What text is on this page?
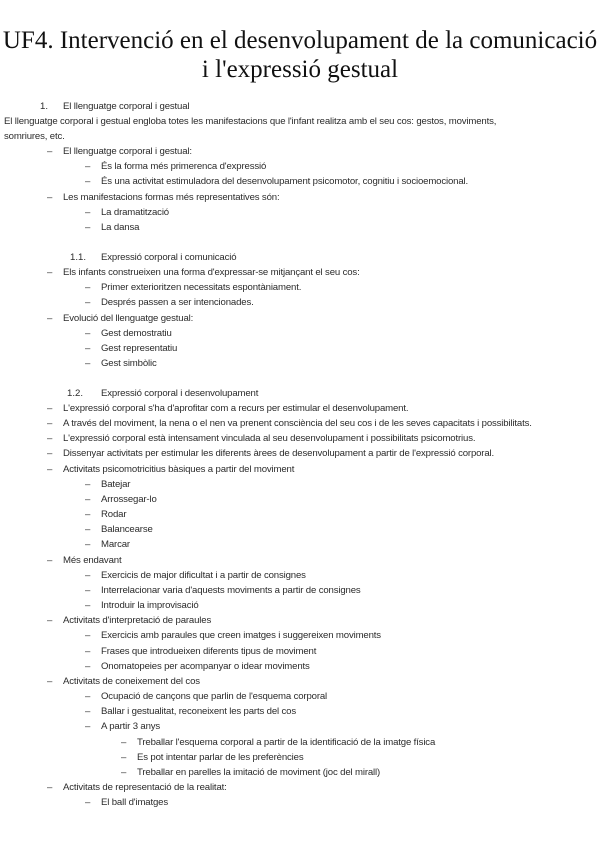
UF4. Intervenció en el desenvolupament de la comunicació i l'expressió gestual
1. El llenguatge corporal i gestual
El llenguatge corporal i gestual engloba totes les manifestacions que l'infant realitza amb el seu cos: gestos, moviments,
somriures, etc.
– El llenguatge corporal i gestual:
– És la forma més primerenca d'expressió
– És una activitat estimuladora del desenvolupament psicomotor, cognitiu i socioemocional.
– Les manifestacions formas més representatives són:
– La dramatització
– La dansa
1.1. Expressió corporal i comunicació
– Els infants construeixen una forma d'expressar-se mitjançant el seu cos:
– Primer exterioritzen necessitats espontàniament.
– Després passen a ser intencionades.
– Evolució del llenguatge gestual:
– Gest demostratiu
– Gest representatiu
– Gest simbòlic
1.2. Expressió corporal i desenvolupament
– L'expressió corporal s'ha d'aprofitar com a recurs per estimular el desenvolupament.
– A través del moviment, la nena o el nen va prenent consciència del seu cos i de les seves capacitats i possibilitats.
– L'expressió corporal està intensament vinculada al seu desenvolupament i possibilitats psicomotrius.
– Dissenyar activitats per estimular les diferents àrees de desenvolupament a partir de l'expressió corporal.
– Activitats psicomotricitius bàsiques a partir del moviment
– Batejar
– Arrossegar-lo
– Rodar
– Balancearse
– Marcar
– Més endavant
– Exercicis de major dificultat i a partir de consignes
– Interrelacionar varia d'aquests moviments a partir de consignes
– Introduir la improvisació
– Activitats d'interpretació de paraules
– Exercicis amb paraules que creen imatges i suggereixen moviments
– Frases que introdueixen diferents tipus de moviment
– Onomatopeies per acompanyar o idear moviments
– Activitats de coneixement del cos
– Ocupació de cançons que parlin de l'esquema corporal
– Ballar i gestualitat, reconeixent les parts del cos
– A partir 3 anys
– Treballar l'esquema corporal a partir de la identificació de la imatge física
– Es pot intentar parlar de les preferències
– Treballar en parelles la imitació de moviment (joc del mirall)
– Activitats de representació de la realitat:
– El ball d'imatges
